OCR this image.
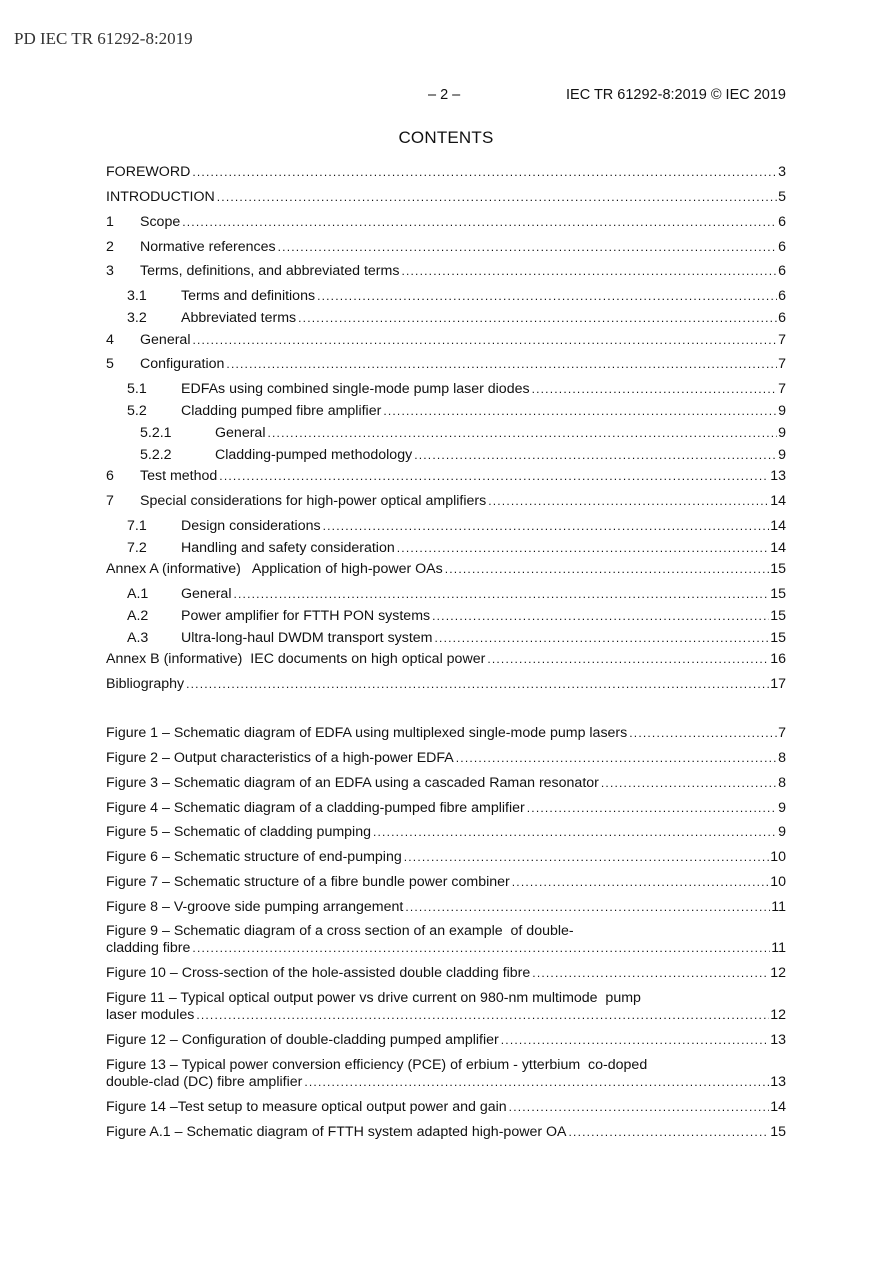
PD IEC TR 61292-8:2019
– 2 –	IEC TR 61292-8:2019 © IEC 2019
CONTENTS
FOREWORD .....	3
INTRODUCTION .....	5
1	Scope .....	6
2	Normative references .....	6
3	Terms, definitions, and abbreviated terms .....	6
3.1	Terms and definitions .....	6
3.2	Abbreviated terms .....	6
4	General .....	7
5	Configuration .....	7
5.1	EDFAs using combined single-mode pump laser diodes .....	7
5.2	Cladding pumped fibre amplifier .....	9
5.2.1	General .....	9
5.2.2	Cladding-pumped methodology .....	9
6	Test method .....	13
7	Special considerations for high-power optical amplifiers .....	14
7.1	Design considerations .....	14
7.2	Handling and safety consideration .....	14
Annex A (informative)   Application of high-power OAs .....	15
A.1	General .....	15
A.2	Power amplifier for FTTH PON systems .....	15
A.3	Ultra-long-haul DWDM transport system .....	15
Annex B (informative)  IEC documents on high optical power .....	16
Bibliography .....	17
Figure 1 – Schematic diagram of EDFA using multiplexed single-mode pump lasers .....	7
Figure 2 – Output characteristics of a high-power EDFA .....	8
Figure 3 – Schematic diagram of an EDFA using a cascaded Raman resonator .....	8
Figure 4 – Schematic diagram of a cladding-pumped fibre amplifier .....	9
Figure 5 – Schematic of cladding pumping .....	9
Figure 6 – Schematic structure of end-pumping .....	10
Figure 7 – Schematic structure of a fibre bundle power combiner .....	10
Figure 8 – V-groove side pumping arrangement .....	11
Figure 9 – Schematic diagram of a cross section of an example  of double-
cladding fibre .....	11
Figure 10 – Cross-section of the hole-assisted double cladding fibre .....	12
Figure 11 – Typical optical output power vs drive current on 980-nm multimode  pump
laser modules .....	12
Figure 12 – Configuration of double-cladding pumped amplifier .....	13
Figure 13 – Typical power conversion efficiency (PCE) of erbium - ytterbium  co-doped
double-clad (DC) fibre amplifier .....	13
Figure 14 –Test setup to measure optical output power and gain .....	14
Figure A.1 – Schematic diagram of FTTH system adapted high-power OA .....	15
